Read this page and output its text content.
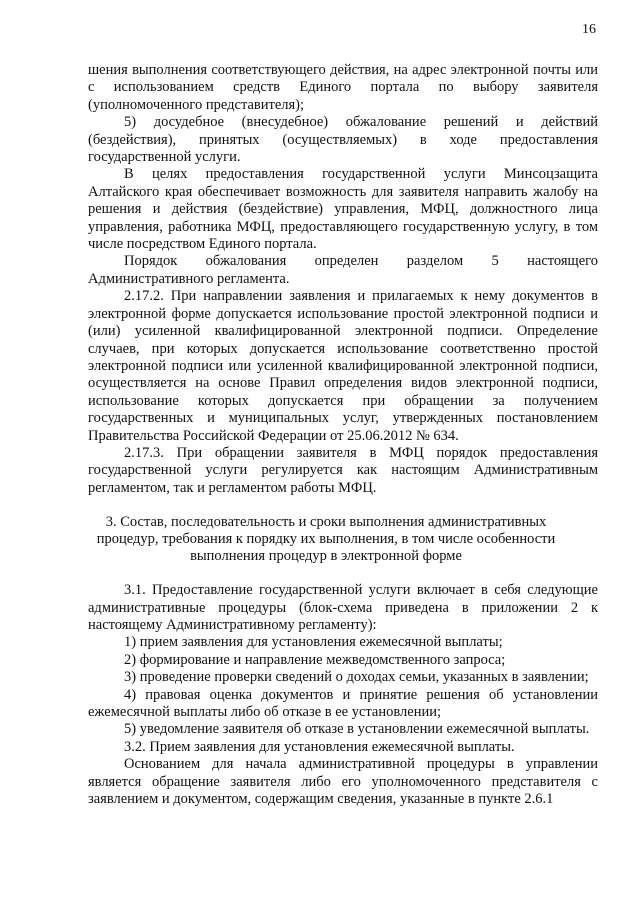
16

шения выполнения соответствующего действия, на адрес электронной почты или с использованием средств Единого портала по выбору заявителя (уполномоченного представителя);

5) досудебное (внесудебное) обжалование решений и действий (бездействия), принятых (осуществляемых) в ходе предоставления государственной услуги.

В целях предоставления государственной услуги Минсоцзащита Алтайского края обеспечивает возможность для заявителя направить жалобу на решения и действия (бездействие) управления, МФЦ, должностного лица управления, работника МФЦ, предоставляющего государственную услугу, в том числе посредством Единого портала.

Порядок обжалования определен разделом 5 настоящего Административного регламента.

2.17.2. При направлении заявления и прилагаемых к нему документов в электронной форме допускается использование простой электронной подписи и (или) усиленной квалифицированной электронной подписи. Определение случаев, при которых допускается использование соответственно простой электронной подписи или усиленной квалифицированной электронной подписи, осуществляется на основе Правил определения видов электронной подписи, использование которых допускается при обращении за получением государственных и муниципальных услуг, утвержденных постановлением Правительства Российской Федерации от 25.06.2012 № 634.

2.17.3. При обращении заявителя в МФЦ порядок предоставления государственной услуги регулируется как настоящим Административным регламентом, так и регламентом работы МФЦ.

3. Состав, последовательность и сроки выполнения административных процедур, требования к порядку их выполнения, в том числе особенности выполнения процедур в электронной форме

3.1. Предоставление государственной услуги включает в себя следующие административные процедуры (блок-схема приведена в приложении 2 к настоящему Административному регламенту):

1) прием заявления для установления ежемесячной выплаты;

2) формирование и направление межведомственного запроса;

3) проведение проверки сведений о доходах семьи, указанных в заявлении;

4) правовая оценка документов и принятие решения об установлении ежемесячной выплаты либо об отказе в ее установлении;

5) уведомление заявителя об отказе в установлении ежемесячной выплаты.

3.2. Прием заявления для установления ежемесячной выплаты.

Основанием для начала административной процедуры в управлении является обращение заявителя либо его уполномоченного представителя с заявлением и документом, содержащим сведения, указанные в пункте 2.6.1
